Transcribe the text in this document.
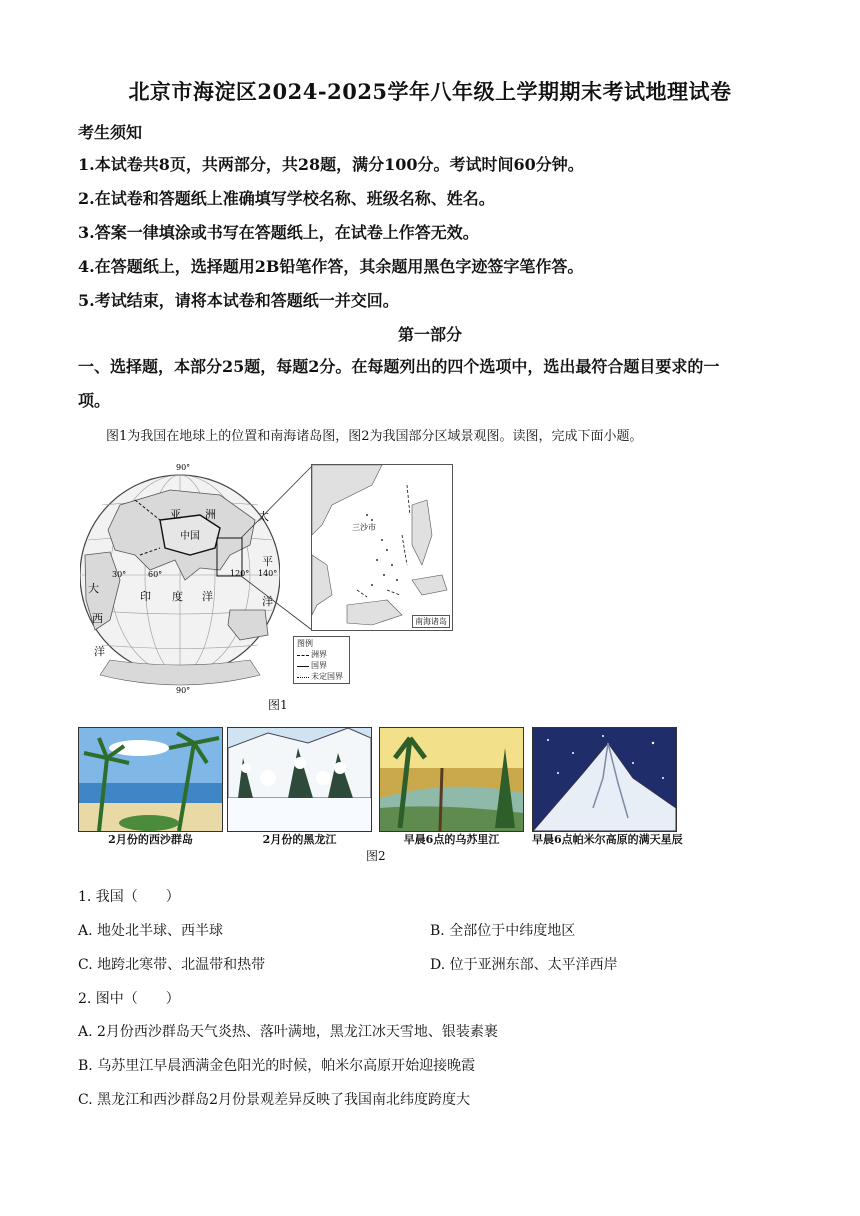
北京市海淀区2024-2025学年八年级上学期期末考试地理试卷
考生须知
1.本试卷共8页，共两部分，共28题，满分100分。考试时间60分钟。
2.在试卷和答题纸上准确填写学校名称、班级名称、姓名。
3.答案一律填涂或书写在答题纸上，在试卷上作答无效。
4.在答题纸上，选择题用2B铅笔作答，其余题用黑色字迹签字笔作答。
5.考试结束，请将本试卷和答题纸一并交回。
第一部分
一、选择题，本部分25题，每题2分。在每题列出的四个选项中，选出最符合题目要求的一
项。
图1为我国在地球上的位置和南海诸岛图，图2为我国部分区域景观图。读图，完成下面小题。
90°
90°
30°	60°	120° 140°
亚 洲
中国
太
平
洋
印 度 洋
大
西
洋
三沙市
南海诸岛
图例
洲界
国界
未定国界
图1
2月份的西沙群岛	2月份的黑龙江	早晨6点的乌苏里江	早晨6点帕米尔高原的满天星辰
图2
1. 我国（　　）
A. 地处北半球、西半球	B. 全部位于中纬度地区
C. 地跨北寒带、北温带和热带	D. 位于亚洲东部、太平洋西岸
2. 图中（　　）
A. 2月份西沙群岛天气炎热、落叶满地，黑龙江冰天雪地、银装素裹
B. 乌苏里江早晨洒满金色阳光的时候，帕米尔高原开始迎接晚霞
C. 黑龙江和西沙群岛2月份景观差异反映了我国南北纬度跨度大
